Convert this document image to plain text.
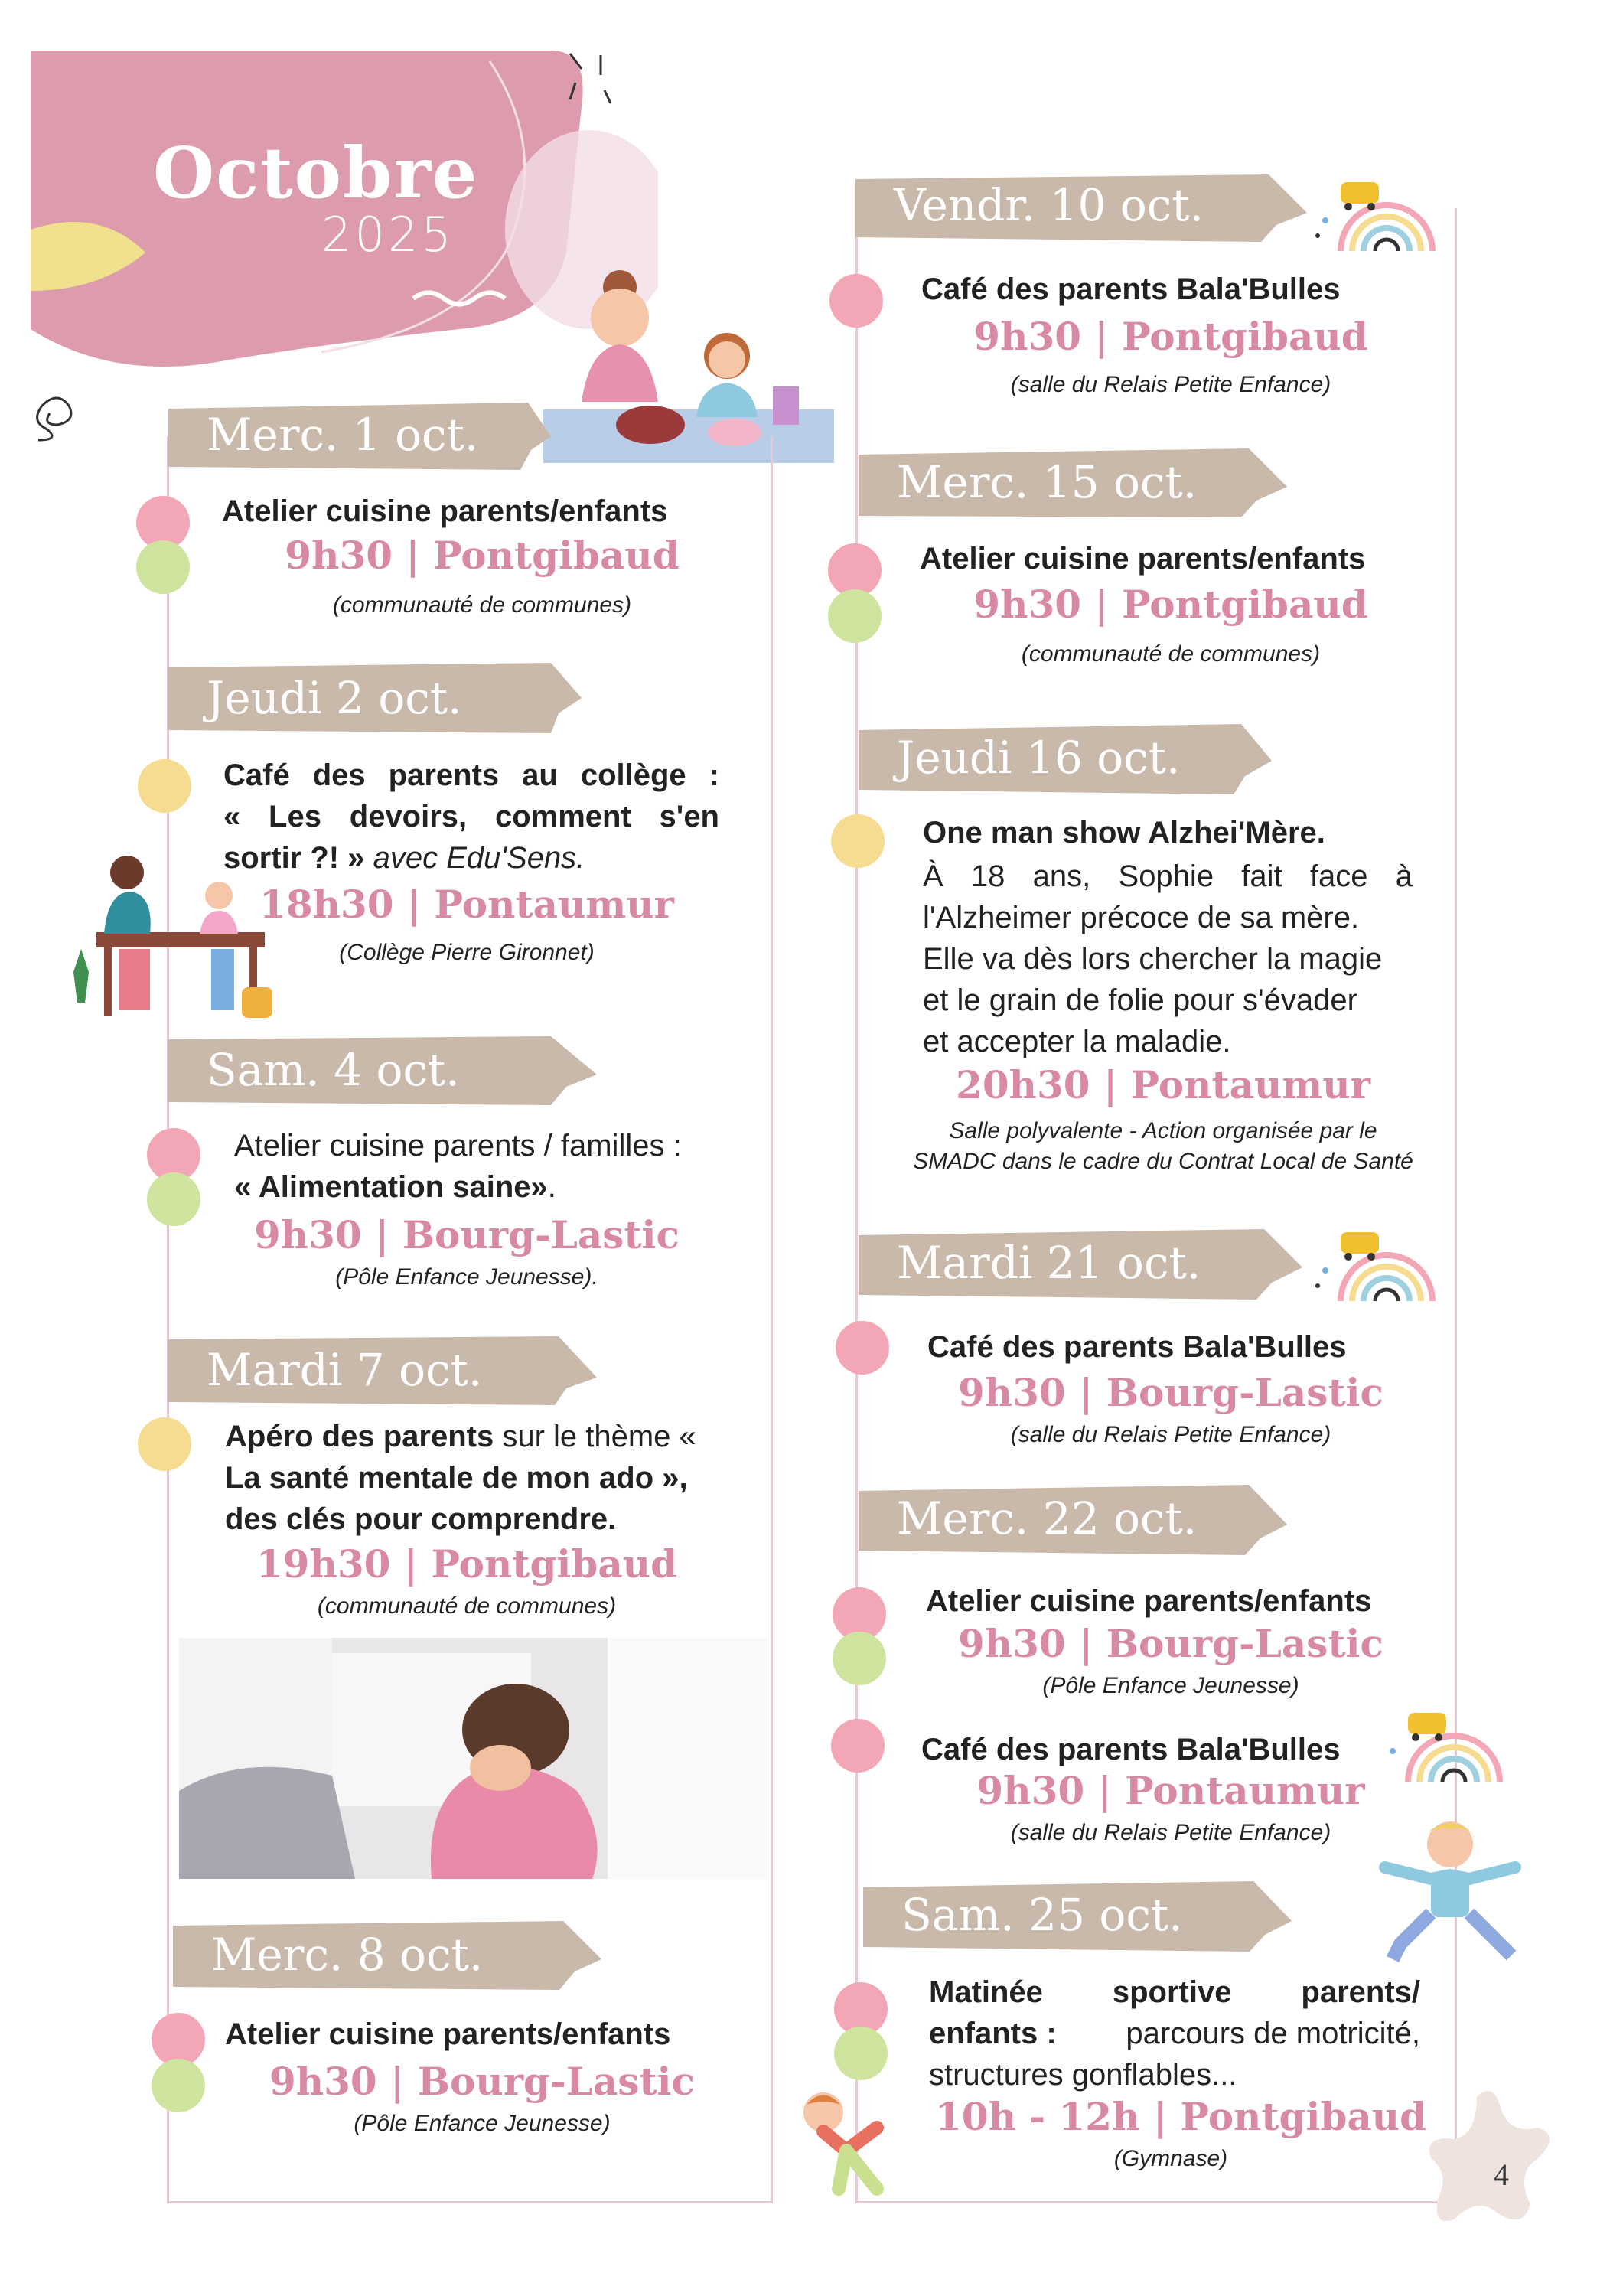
Octobre
2025
Merc. 1 oct.
Atelier cuisine parents/enfants
9h30 | Pontgibaud
(communauté de communes)
Jeudi 2 oct.
Café des parents au collège :
« Les devoirs, comment s'en
sortir ?! » avec Edu'Sens.
18h30 | Pontaumur
(Collège Pierre Gironnet)
Sam. 4 oct.
Atelier cuisine parents / familles :
« Alimentation saine».
9h30 | Bourg-Lastic
(Pôle Enfance Jeunesse).
Mardi 7 oct.
Apéro des parents sur le thème «
La santé mentale de mon ado »,
des clés pour comprendre.
19h30 | Pontgibaud
(communauté de communes)
Merc. 8 oct.
Atelier cuisine parents/enfants
9h30 | Bourg-Lastic
(Pôle Enfance Jeunesse)
Vendr. 10 oct.
Café des parents Bala'Bulles
9h30 | Pontgibaud
(salle du Relais Petite Enfance)
Merc. 15 oct.
Atelier cuisine parents/enfants
9h30 | Pontgibaud
(communauté de communes)
Jeudi 16 oct.
One man show Alzhei'Mère.
À 18 ans, Sophie fait face à
l'Alzheimer précoce de sa mère.
Elle va dès lors chercher la magie
et le grain de folie pour s'évader
et accepter la maladie.
20h30 | Pontaumur
Salle polyvalente - Action organisée par le
SMADC dans le cadre du Contrat Local de Santé
Mardi 21 oct.
Café des parents Bala'Bulles
9h30 | Bourg-Lastic
(salle du Relais Petite Enfance)
Merc. 22 oct.
Atelier cuisine parents/enfants
9h30 | Bourg-Lastic
(Pôle Enfance Jeunesse)
Café des parents Bala'Bulles
9h30 | Pontaumur
(salle du Relais Petite Enfance)
Sam. 25 oct.
Matinée sportive parents/
enfants : parcours de motricité,
structures gonflables...
10h - 12h | Pontgibaud
(Gymnase)	4
